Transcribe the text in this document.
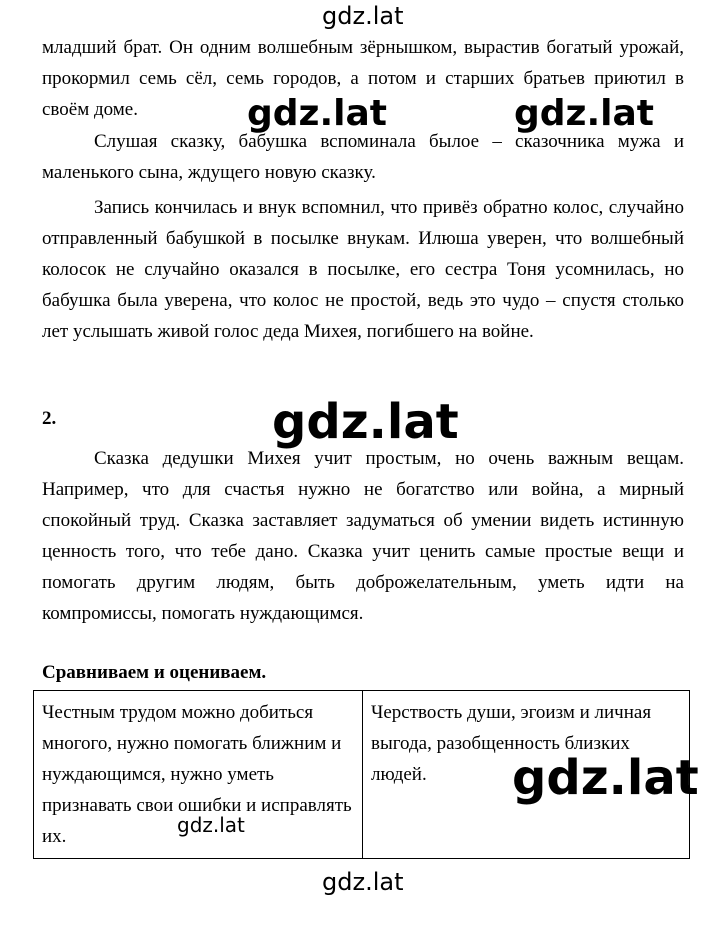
gdz.lat

младший брат. Он одним волшебным зёрнышком, вырастив богатый урожай, прокормил семь сёл, семь городов, а потом и старших братьев приютил в своём доме.	gdz.lat	gdz.lat

Слушая сказку, бабушка вспоминала былое – сказочника мужа и маленького сына, ждущего новую сказку.

Запись кончилась и внук вспомнил, что привёз обратно колос, случайно отправленный бабушкой в посылке внукам. Илюша уверен, что волшебный колосок не случайно оказался в посылке, его сестра Тоня усомнилась, но бабушка была уверена, что колос не простой, ведь это чудо – спустя столько лет услышать живой голос деда Михея, погибшего на войне.

2.	gdz.lat

Сказка дедушки Михея учит простым, но очень важным вещам. Например, что для счастья нужно не богатство или война, а мирный спокойный труд. Сказка заставляет задуматься об умении видеть истинную ценность того, что тебе дано. Сказка учит ценить самые простые вещи и помогать другим людям, быть доброжелательным, уметь идти на компромиссы, помогать нуждающимся.

Сравниваем и оцениваем.
Честным трудом можно добиться многого, нужно помогать ближним и нуждающимся, нужно уметь признавать свои ошибки и исправлять их.	Черствость души, эгоизм и личная выгода, разобщенность близких людей. gdz.lat
gdz.lat
gdz.lat
